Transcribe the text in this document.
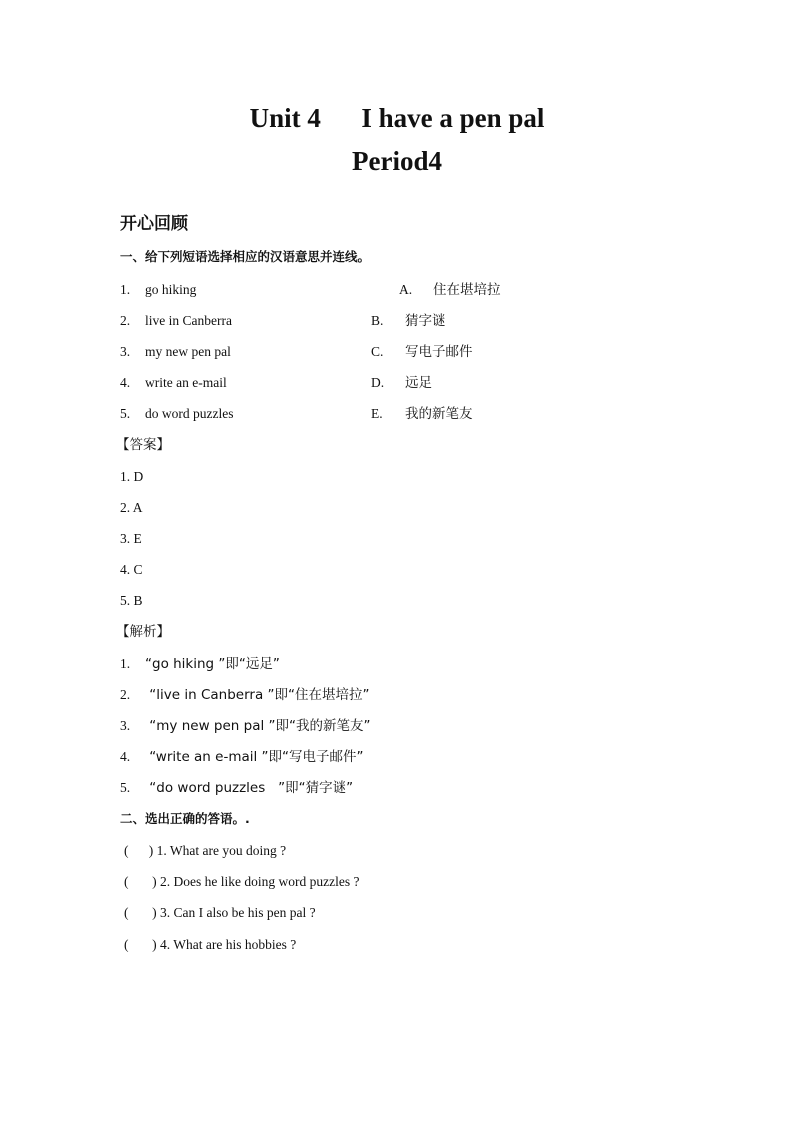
Unit 4      I have a pen pal
Period4
开心回顾
一、给下列短语选择相应的汉语意思并连线。
1. go hiking
2. live in Canberra
3. my new pen pal
4. write an e-mail
5. do word puzzles
A. 住在堪培拉
B. 猜字谜
C. 写电子邮件
D. 远足
E. 我的新笔友
【答案】
1. D
2. A
3. E
4. C
5. B
【解析】
1. “go hiking ”即“远足”
2. “live in Canberra ”即“住在堪培拉”
3. “my new pen pal ”即“我的新笔友”
4. “write an e-mail ”即“写电子邮件”
5. “do word puzzles   ”即“猜字谜”
二、选出正确的答语。.
(      ) 1. What are you doing ?
(       ) 2. Does he like doing word puzzles ?
(       ) 3. Can I also be his pen pal ?
(       ) 4. What are his hobbies ?
